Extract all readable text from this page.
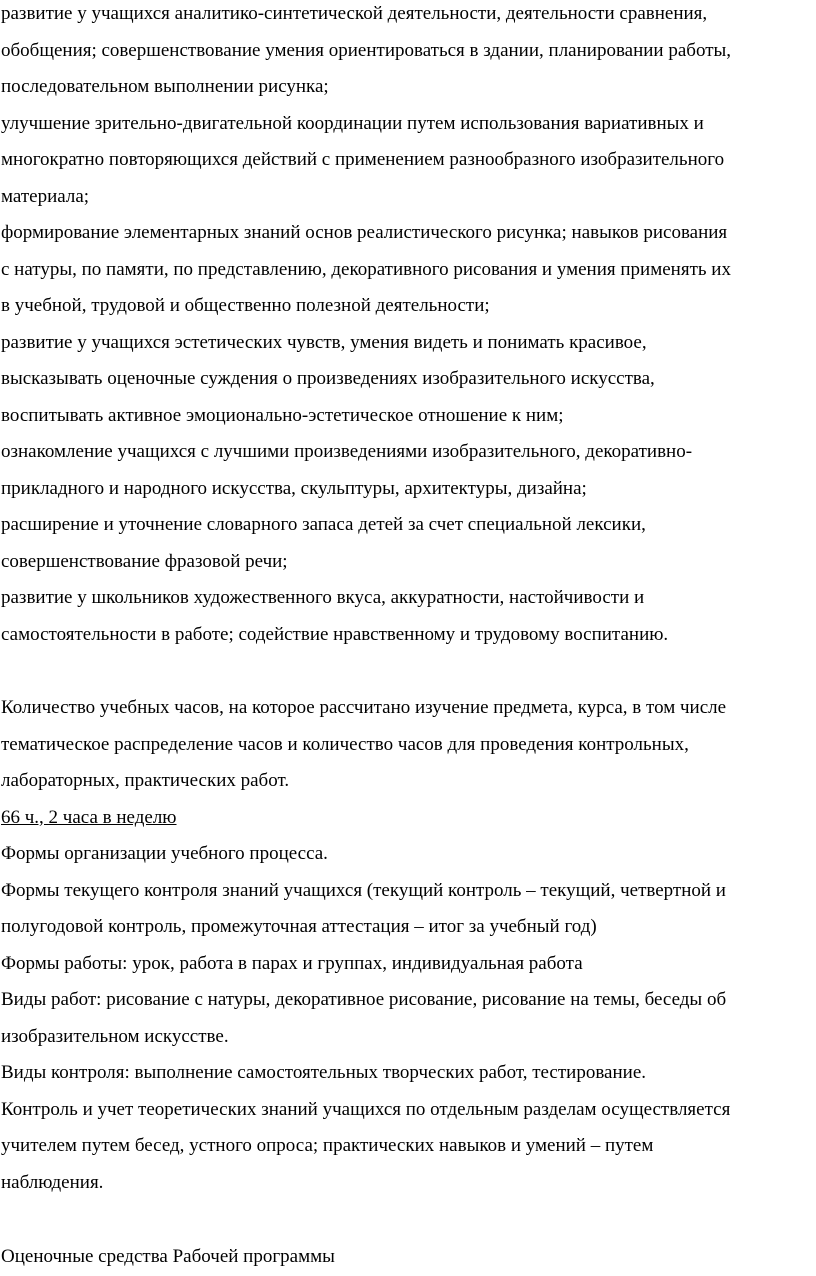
развитие у учащихся аналитико-синтетической деятельности, деятельности сравнения,
обобщения; совершенствование умения ориентироваться в здании, планировании работы,
последовательном выполнении рисунка;
улучшение зрительно-двигательной координации путем использования вариативных и
многократно повторяющихся действий с применением разнообразного изобразительного
материала;
формирование элементарных знаний основ реалистического рисунка; навыков рисования
с натуры, по памяти, по представлению, декоративного рисования и умения применять их
в учебной, трудовой и общественно полезной деятельности;
развитие у учащихся эстетических чувств, умения видеть и понимать красивое,
высказывать оценочные суждения о произведениях изобразительного искусства,
воспитывать активное эмоционально-эстетическое отношение к ним;
ознакомление учащихся с лучшими произведениями изобразительного, декоративно-
прикладного и народного искусства, скульптуры, архитектуры, дизайна;
расширение и уточнение словарного запаса детей за счет специальной лексики,
совершенствование фразовой речи;
развитие у школьников художественного вкуса, аккуратности, настойчивости и
самостоятельности в работе; содействие нравственному и трудовому воспитанию.
Количество учебных часов, на которое рассчитано изучение предмета, курса, в том числе
тематическое распределение часов и количество часов для проведения контрольных,
лабораторных, практических работ.
66 ч., 2 часа в неделю
Формы организации учебного процесса.
Формы текущего контроля знаний учащихся (текущий контроль – текущий, четвертной и
полугодовой контроль, промежуточная аттестация – итог за учебный год)
Формы работы: урок, работа в парах и группах, индивидуальная работа
Виды работ: рисование с натуры, декоративное рисование, рисование на темы, беседы об
изобразительном искусстве.
Виды контроля: выполнение самостоятельных творческих работ, тестирование.
Контроль и учет теоретических знаний учащихся по отдельным разделам осуществляется
учителем путем бесед, устного опроса; практических навыков и умений – путем
наблюдения.
Оценочные средства Рабочей программы
